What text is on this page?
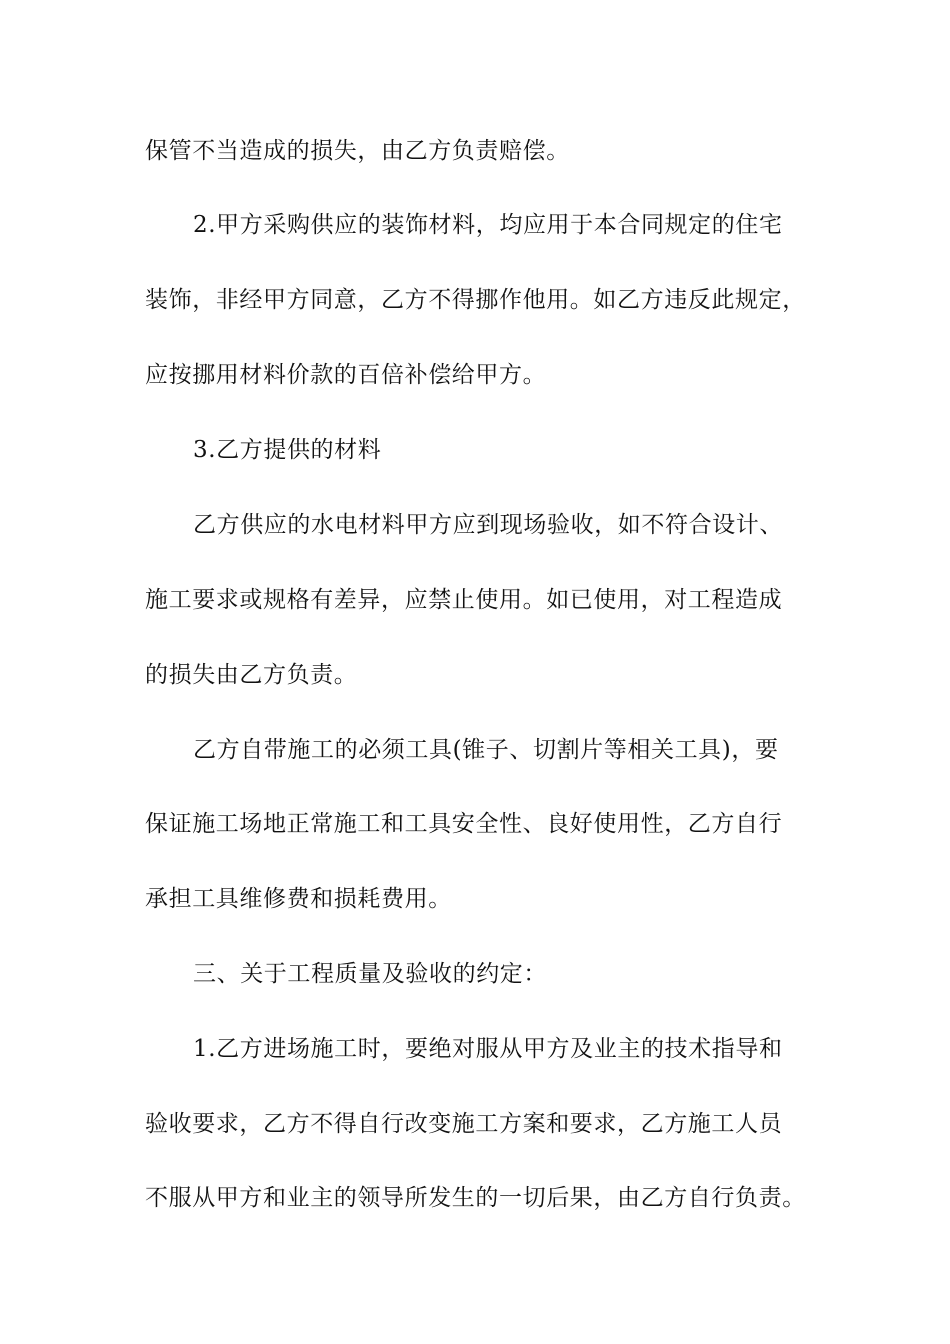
保管不当造成的损失，由乙方负责赔偿。
2.甲方采购供应的装饰材料，均应用于本合同规定的住宅
装饰，非经甲方同意，乙方不得挪作他用。如乙方违反此规定，
应按挪用材料价款的百倍补偿给甲方。
3.乙方提供的材料
乙方供应的水电材料甲方应到现场验收，如不符合设计、
施工要求或规格有差异，应禁止使用。如已使用，对工程造成
的损失由乙方负责。
乙方自带施工的必须工具(锥子、切割片等相关工具)，要
保证施工场地正常施工和工具安全性、良好使用性，乙方自行
承担工具维修费和损耗费用。
三、关于工程质量及验收的约定：
1.乙方进场施工时，要绝对服从甲方及业主的技术指导和
验收要求，乙方不得自行改变施工方案和要求，乙方施工人员
不服从甲方和业主的领导所发生的一切后果，由乙方自行负责。
